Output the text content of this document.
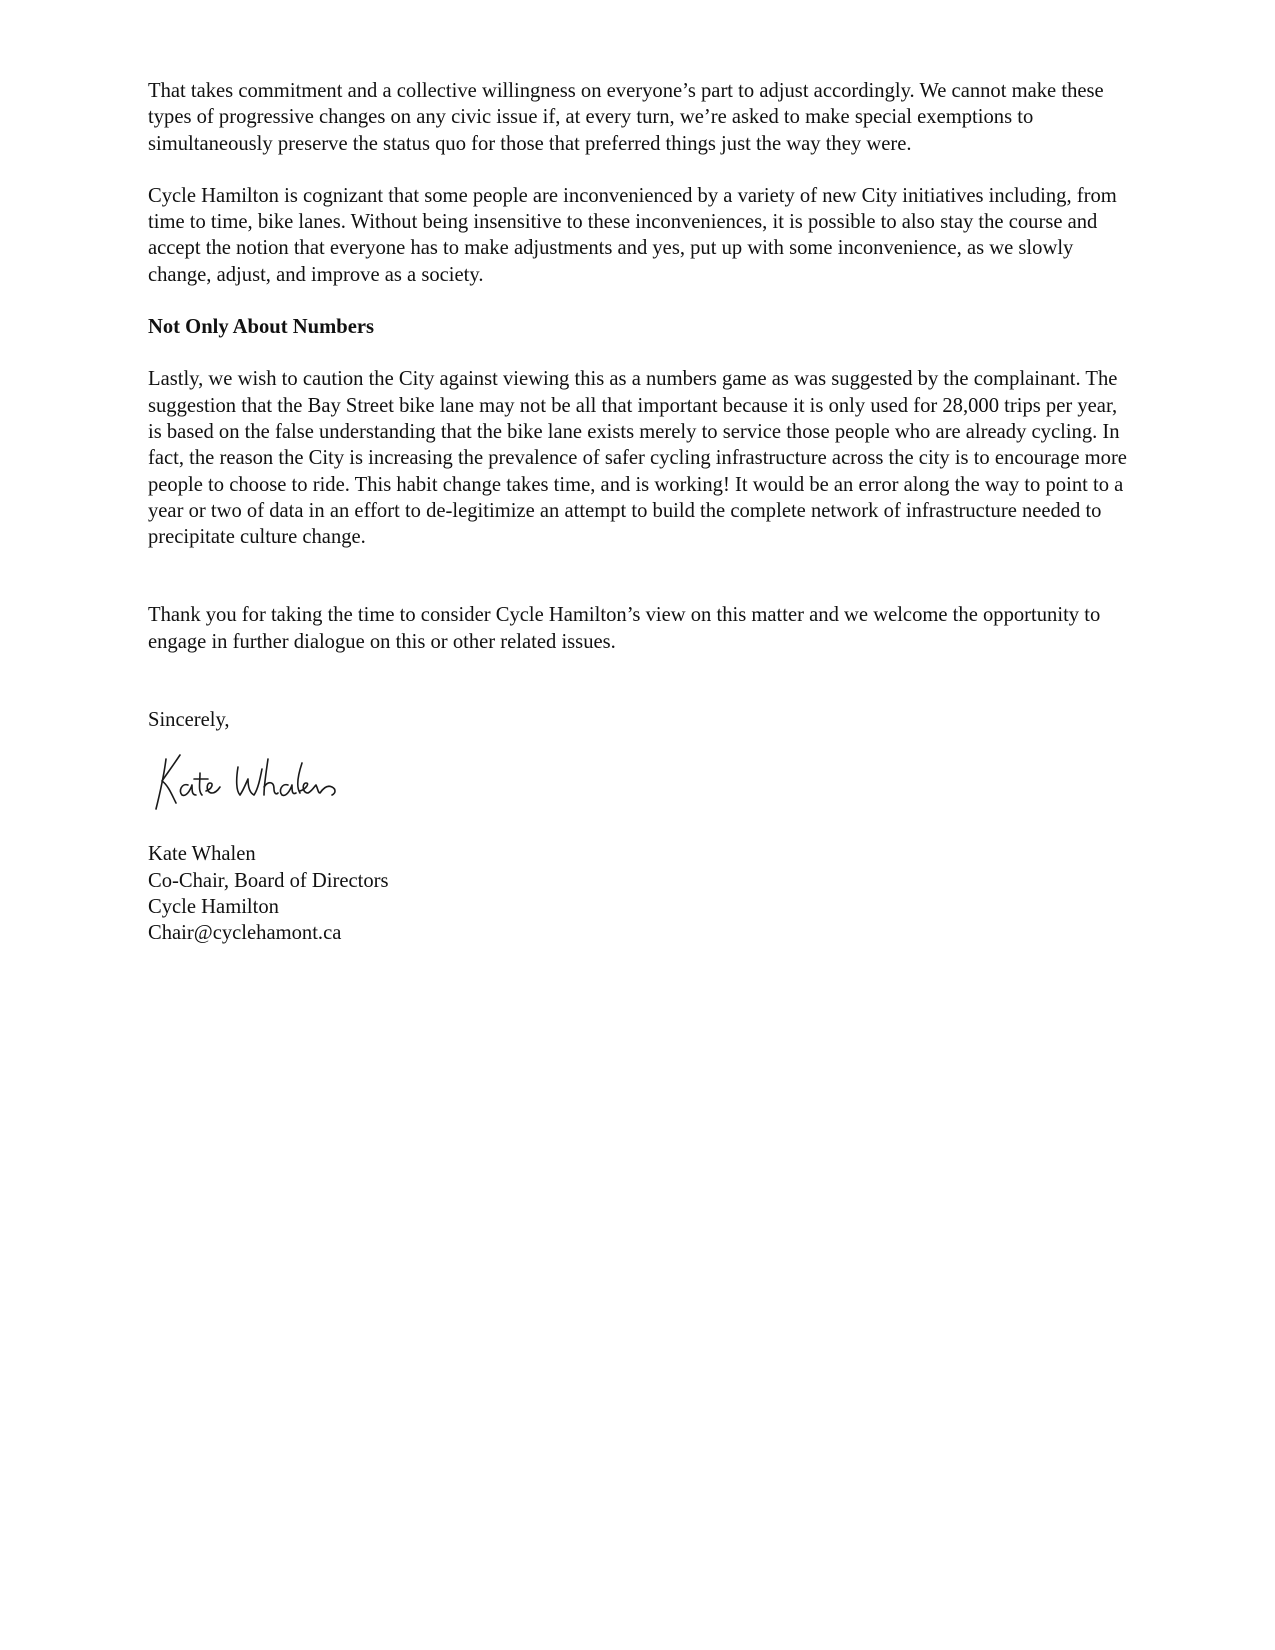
That takes commitment and a collective willingness on everyone’s part to adjust accordingly. We cannot make these types of progressive changes on any civic issue if, at every turn, we’re asked to make special exemptions to simultaneously preserve the status quo for those that preferred things just the way they were.

Cycle Hamilton is cognizant that some people are inconvenienced by a variety of new City initiatives including, from time to time, bike lanes. Without being insensitive to these inconveniences, it is possible to also stay the course and accept the notion that everyone has to make adjustments and yes, put up with some inconvenience, as we slowly change, adjust, and improve as a society.

Not Only About Numbers

Lastly, we wish to caution the City against viewing this as a numbers game as was suggested by the complainant. The suggestion that the Bay Street bike lane may not be all that important because it is only used for 28,000 trips per year, is based on the false understanding that the bike lane exists merely to service those people who are already cycling. In fact, the reason the City is increasing the prevalence of safer cycling infrastructure across the city is to encourage more people to choose to ride. This habit change takes time, and is working! It would be an error along the way to point to a year or two of data in an effort to de-legitimize an attempt to build the complete network of infrastructure needed to precipitate culture change.

Thank you for taking the time to consider Cycle Hamilton’s view on this matter and we welcome the opportunity to engage in further dialogue on this or other related issues.

Sincerely,

Kate Whalen

Co-Chair, Board of Directors

Cycle Hamilton

Chair@cyclehamont.ca
